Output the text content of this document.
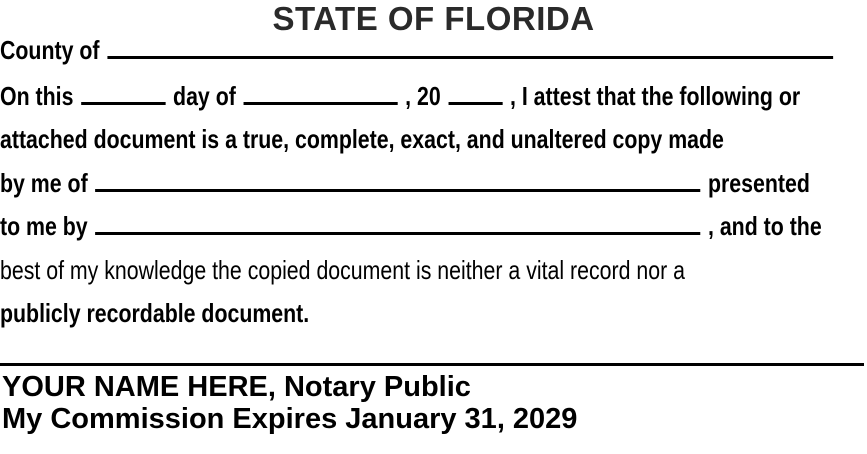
STATE OF FLORIDA
County of
On this	day of	, 20	, I attest that the following or
attached document is a true, complete, exact, and unaltered copy made
by me of	presented
to me by	, and to the
best of my knowledge the copied document is neither a vital record nor a
publicly recordable document.
YOUR NAME HERE, Notary Public
My Commission Expires January 31, 2029
